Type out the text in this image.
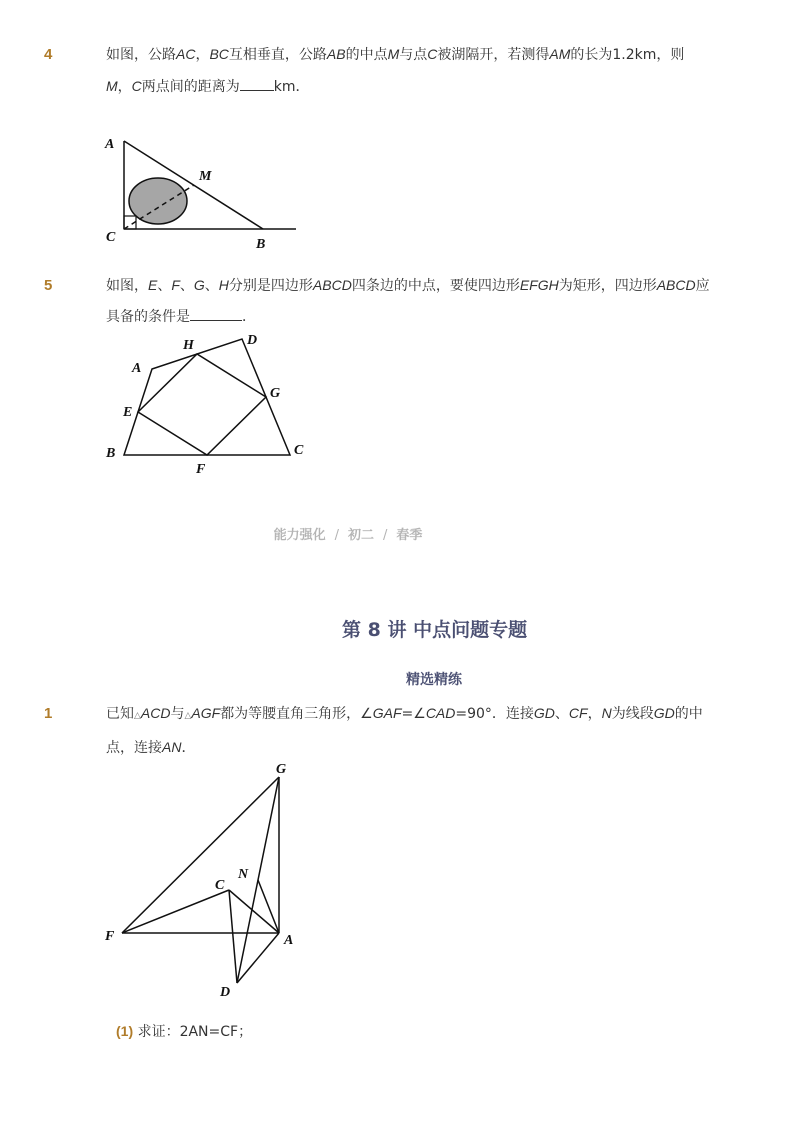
4	如图，公路AC，BC互相垂直，公路AB的中点M与点C被湖隔开，若测得AM的长为1.2km，则
M，C两点间的距离为 km．
A
M
C	B
5	如图，E、F、G、H分别是四边形ABCD四条边的中点，要使四边形EFGH为矩形，四边形ABCD应
具备的条件是	．
A
H	D
G
E
B
F
C
能力强化 / 初二 / 春季
第 8 讲 中点问题专题
精选精练
1	已知△ACD与△AGF都为等腰直角三角形，∠GAF=∠CAD=90°．连接GD、CF，N为线段GD的中
点，连接AN．
G
N
C
F	A
D
(1) 求证：2AN=CF；
